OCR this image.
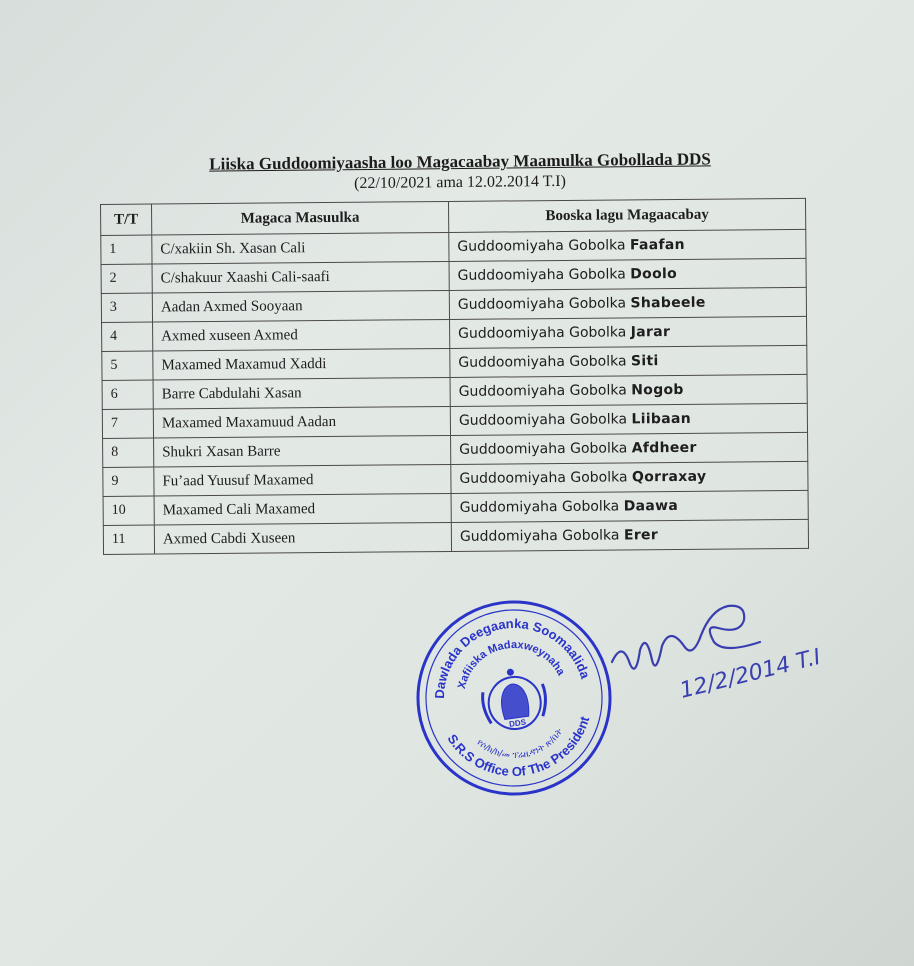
Liiska Guddoomiyaasha loo Magacaabay Maamulka Gobollada DDS
(22/10/2021 ama 12.02.2014 T.I)
T/T	Magaca Masuulka	Booska lagu Magaacabay
1	C/xakiin Sh. Xasan Cali	Guddoomiyaha Gobolka Faafan
2	C/shakuur Xaashi Cali-saafi	Guddoomiyaha Gobolka Doolo
3	Aadan Axmed Sooyaan	Guddoomiyaha Gobolka Shabeele
4	Axmed xuseen Axmed	Guddoomiyaha Gobolka Jarar
5	Maxamed Maxamud Xaddi	Guddoomiyaha Gobolka Siti
6	Barre Cabdulahi Xasan	Guddoomiyaha Gobolka Nogob
7	Maxamed Maxamuud Aadan	Guddoomiyaha Gobolka Liibaan
8	Shukri Xasan Barre	Guddoomiyaha Gobolka Afdheer
9	Fu’aad Yuusuf Maxamed	Guddoomiyaha Gobolka Qorraxay
10	Maxamed Cali Maxamed	Guddomiyaha Gobolka Daawa
11	Axmed Cabdi Xuseen	Guddomiyaha Gobolka Erer
Dawlada Deegaanka Soomaalida
Xafiiska Madaxweynaha
S.R.S Office Of The President
የሶ/ክ/ክ/መ ፕሬዚዳንት ጽ/ቤት
DDS
12/2/2014 T.I
